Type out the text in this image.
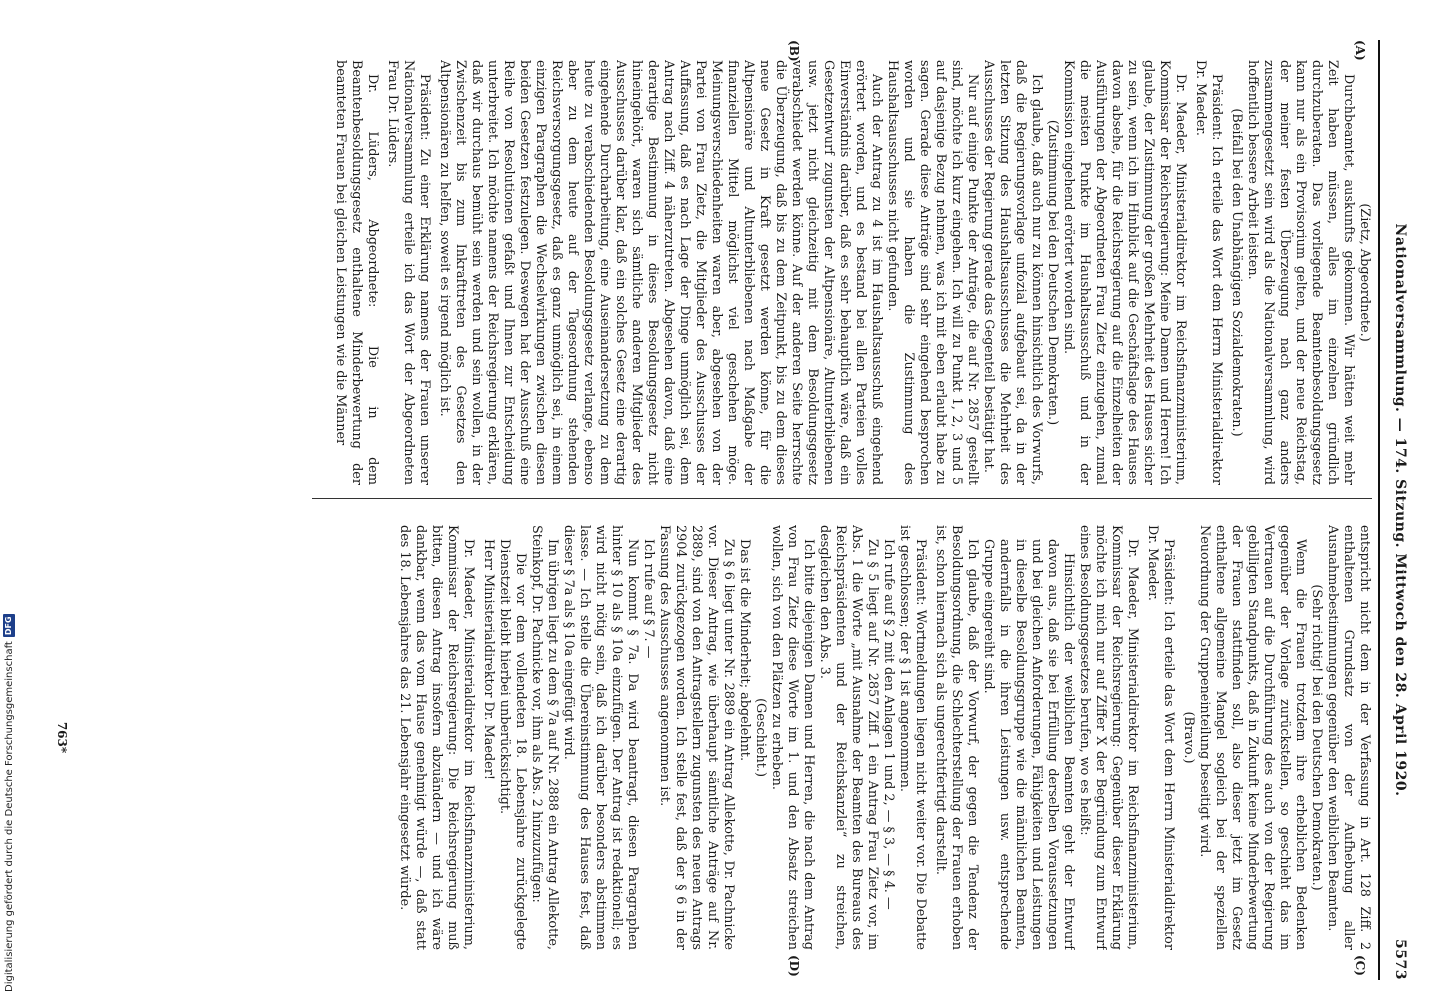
Digitalisierung gefördert durch die Deutsche Forschungsgemeinschaft
DFG	Nationalversammlung. — 174. Sitzung. Mittwoch den 28. April 1920.
5573
(A)
(B)
(C)
(D)

(Zietz, Abgeordnete.)

Durchbeamtet, auskunfts gekommen. Wir hätten weit mehr Zeit haben müssen, alles im einzelnen gründlich durchzuberaten. Das vorliegende Beamtenbesoldungsgesetz kann nur als ein Provisorium gelten, und der neue Reichstag, der meiner festen Überzeugung nach ganz anders zusammengesetzt sein wird als die Nationalversammlung, wird hoffentlich bessere Arbeit leisten.

(Beifall bei den Unabhängigen Sozialdemokraten.)

Präsident: Ich erteile das Wort dem Herrn Ministerialdirektor Dr. Maeder.

Dr. Maeder, Ministerialdirektor im Reichsfinanzministerium, Kommissar der Reichsregierung: Meine Damen und Herren! Ich glaube, der Zustimmung der großen Mehrheit des Hauses sicher zu sein, wenn ich im Hinblick auf die Geschäftslage des Hauses davon absehe, für die Reichsregierung auf die Einzelheiten der Ausführungen der Abgeordneten Frau Zietz einzugehen, zumal die meisten Punkte im Haushaltsausschuß und in der Kommission eingehend erörtert worden sind.

(Zustimmung bei den Deutschen Demokraten.)

Ich glaube, daß auch nur zu können hinsichtlich des Vorwurfs, daß die Regierungsvorlage unfozial aufgebaut sei, da in der letzten Sitzung des Haushaltsausschusses die Mehrheit des Ausschusses der Regierung gerade das Gegenteil bestätigt hat.

Nur auf einige Punkte der Anträge, die auf Nr. 2857 gestellt sind, möchte ich kurz eingehen. Ich will zu Punkt 1, 2, 3 und 5 auf dasjenige Bezug nehmen, was ich mit eben erlaubt habe zu sagen. Gerade diese Anträge sind sehr eingehend besprochen worden und sie haben die Zustimmung des Haushaltsausschusses nicht gefunden.

Auch der Antrag zu 4 ist im Haushaltsausschuß eingehend erörtert worden, und es bestand bei allen Parteien volles Einverständnis darüber, daß es sehr behauptlich wäre, daß ein Gesetzentwurf zugunsten der Altpensionäre, Altunterbliebenen usw. jetzt nicht gleichzeitig mit dem Besoldungsgesetz verabschiedet werden könne. Auf der anderen Seite herrschte die Überzeugung, daß bis zu dem Zeitpunkt, bis zu dem dieses neue Gesetz in Kraft gesetzt werden könne, für die Altpensionäre und Altunterbliebenen nach Maßgabe der finanziellen Mittel möglichst viel geschehen möge. Meinungsverschiedenheiten waren aber, abgesehen von der Partei von Frau Zietz, die Mitglieder des Ausschusses der Auffassung, daß es nach Lage der Dinge unmöglich sei, dem Antrag nach Ziff. 4 näherzutreten. Abgesehen davon, daß eine derartige Bestimmung in dieses Besoldungsgesetz nicht hineingehört, waren sich sämtliche anderen Mitglieder des Ausschusses darüber klar, daß ein solches Gesetz eine derartig eingehende Durcharbeitung, eine Auseinandersetzung zu dem heute zu verabschiedenden Besoldungsgesetz verlange, ebenso aber zu dem heute auf der Tagesordnung stehenden Reichsversorgungsgesetz, daß es ganz unmöglich sei, in einem einzigen Paragraphen die Wechselwirkungen zwischen diesen beiden Gesetzen festzulegen. Deswegen hat der Ausschuß eine Reihe von Resolutionen gefaßt und Ihnen zur Entscheidung unterbreitet. Ich möchte namens der Reichsregierung erklären, daß wir durchaus bemüht sein werden und sein wollen, in der Zwischenzeit bis zum Inkrafttreten des Gesetzes den Altpensionären zu helfen, soweit es irgend möglich ist.

Präsident: Zu einer Erklärung namens der Frauen unserer Nationalversammlung erteile ich das Wort der Abgeordneten Frau Dr. Lüders.

Dr. Lüders, Abgeordnete: Die in dem Beamtenbesoldungsgesetz enthaltene Minderbewertung der beamteten Frauen bei gleichen Leistungen wie die Männer

entspricht nicht dem in der Verfassung in Art. 128 Ziff. 2 enthaltenen Grundsatz von der Aufhebung aller Ausnahmebestimmungen gegenüber den weiblichen Beamten.

(Sehr richtig! bei den Deutschen Demokraten.)

Wenn die Frauen trotzdem ihre erheblichen Bedenken gegenüber der Vorlage zurückstellen, so geschieht das im Vertrauen auf die Durchführung des auch von der Regierung gebilligten Standpunkts, daß in Zukunft keine Minderbewertung der Frauen stattfinden soll, also dieser jetzt im Gesetz enthaltene allgemeine Mangel sogleich bei der speziellen Neuordnung der Gruppeneinteilung beseitigt wird.

(Bravo.)

Präsident: Ich erteile das Wort dem Herrn Ministerialdirektor Dr. Maeder.

Dr. Maeder, Ministerialdirektor im Reichsfinanzministerium, Kommissar der Reichsregierung: Gegenüber dieser Erklärung möchte ich mich nur auf Ziffer X der Begründung zum Entwurf eines Besoldungsgesetzes berufen, wo es heißt:

Hinsichtlich der weiblichen Beamten geht der Entwurf davon aus, daß sie bei Erfüllung derselben Voraussetzungen und bei gleichen Anforderungen, Fähigkeiten und Leistungen in dieselbe Besoldungsgruppe wie die männlichen Beamten, andernfalls in die ihren Leistungen usw. entsprechende Gruppe eingereiht sind.

Ich glaube, daß der Vorwurf, der gegen die Tendenz der Besoldungsordnung, die Schlechterstellung der Frauen erhoben ist, schon hiernach sich als ungerechtfertigt darstellt.

Präsident: Wortmeldungen liegen nicht weiter vor. Die Debatte ist geschlossen; der § 1 ist angenommen.

Ich rufe auf § 2 mit den Anlagen 1 und 2, — § 3, — § 4. —

Zu § 5 liegt auf Nr. 2857 Ziff. 1 ein Antrag Frau Zietz vor, im Abs. 1 die Worte „mit Ausnahme der Beamten des Bureaus des Reichspräsidenten und der Reichskanzlei“ zu streichen, desgleichen den Abs. 3.

Ich bitte diejenigen Damen und Herren, die nach dem Antrag von Frau Zietz diese Worte im 1. und den Absatz streichen wollen, sich von den Plätzen zu erheben.

(Geschieht.)

Das ist die Minderheit; abgelehnt.

Zu § 6 liegt unter Nr. 2889 ein Antrag Allekotte, Dr. Pachnicke vor. Dieser Antrag, wie überhaupt sämtliche Anträge auf Nr. 2889, sind von den Antragstellern zugunsten des neuen Antrags 2904 zurückgezogen worden. Ich stelle fest, daß der § 6 in der Fassung des Ausschusses angenommen ist.

Ich rufe auf § 7. —

Nun kommt § 7a. Da wird beantragt, diesen Paragraphen hinter § 10 als § 10a einzufügen. Der Antrag ist redaktionell; es wird nicht nötig sein, daß ich darüber besonders abstimmen lasse. — Ich stelle die Übereinstimmung des Hauses fest, daß dieser § 7a als § 10a eingefügt wird.

Im übrigen liegt zu dem § 7a auf Nr. 2888 ein Antrag Allekotte, Steinkopf, Dr. Pachnicke vor, ihm als Abs. 2 hinzuzufügen:

Die vor dem vollendeten 18. Lebensjahre zurückgelegte Dienstzeit bleibt hierbei unberücksichtigt.

Herr Ministerialdirektor Dr. Maeder!

Dr. Maeder, Ministerialdirektor im Reichsfinanzministerium, Kommissar der Reichsregierung: Die Reichsregierung muß bitten, diesen Antrag insofern abzuändern — und ich wäre dankbar, wenn das vom Hause genehmigt würde —, daß statt des 18. Lebensjahres das 21. Lebensjahr eingesetzt würde.

763*
